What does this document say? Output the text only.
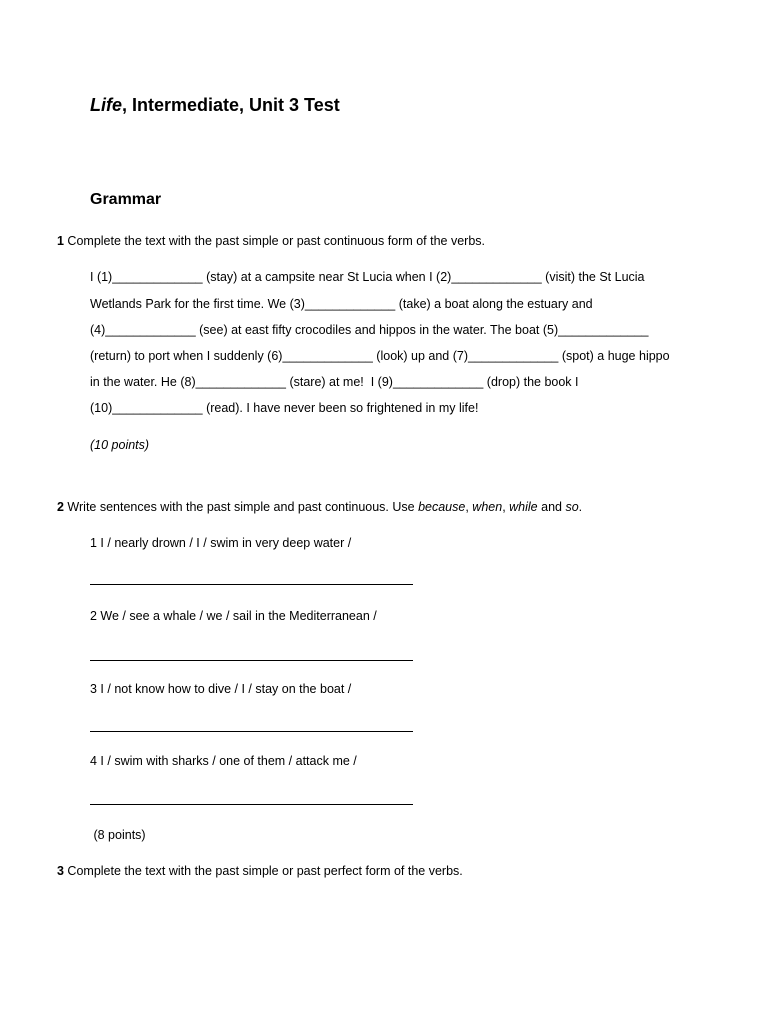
Life, Intermediate, Unit 3 Test
Grammar
1 Complete the text with the past simple or past continuous form of the verbs.
I (1)_____________ (stay) at a campsite near St Lucia when I (2)_____________ (visit) the St Lucia
Wetlands Park for the first time. We (3)_____________ (take) a boat along the estuary and
(4)_____________ (see) at east fifty crocodiles and hippos in the water. The boat (5)_____________
(return) to port when I suddenly (6)_____________ (look) up and (7)_____________ (spot) a huge hippo
in the water. He (8)_____________ (stare) at me!  I (9)_____________ (drop) the book I
(10)_____________ (read). I have never been so frightened in my life!
(10 points)
2 Write sentences with the past simple and past continuous. Use because, when, while and so.
1 I / nearly drown / I / swim in very deep water /
2 We / see a whale / we / sail in the Mediterranean /
3 I / not know how to dive / I / stay on the boat /
4 I / swim with sharks / one of them / attack me /
(8 points)
3 Complete the text with the past simple or past perfect form of the verbs.
